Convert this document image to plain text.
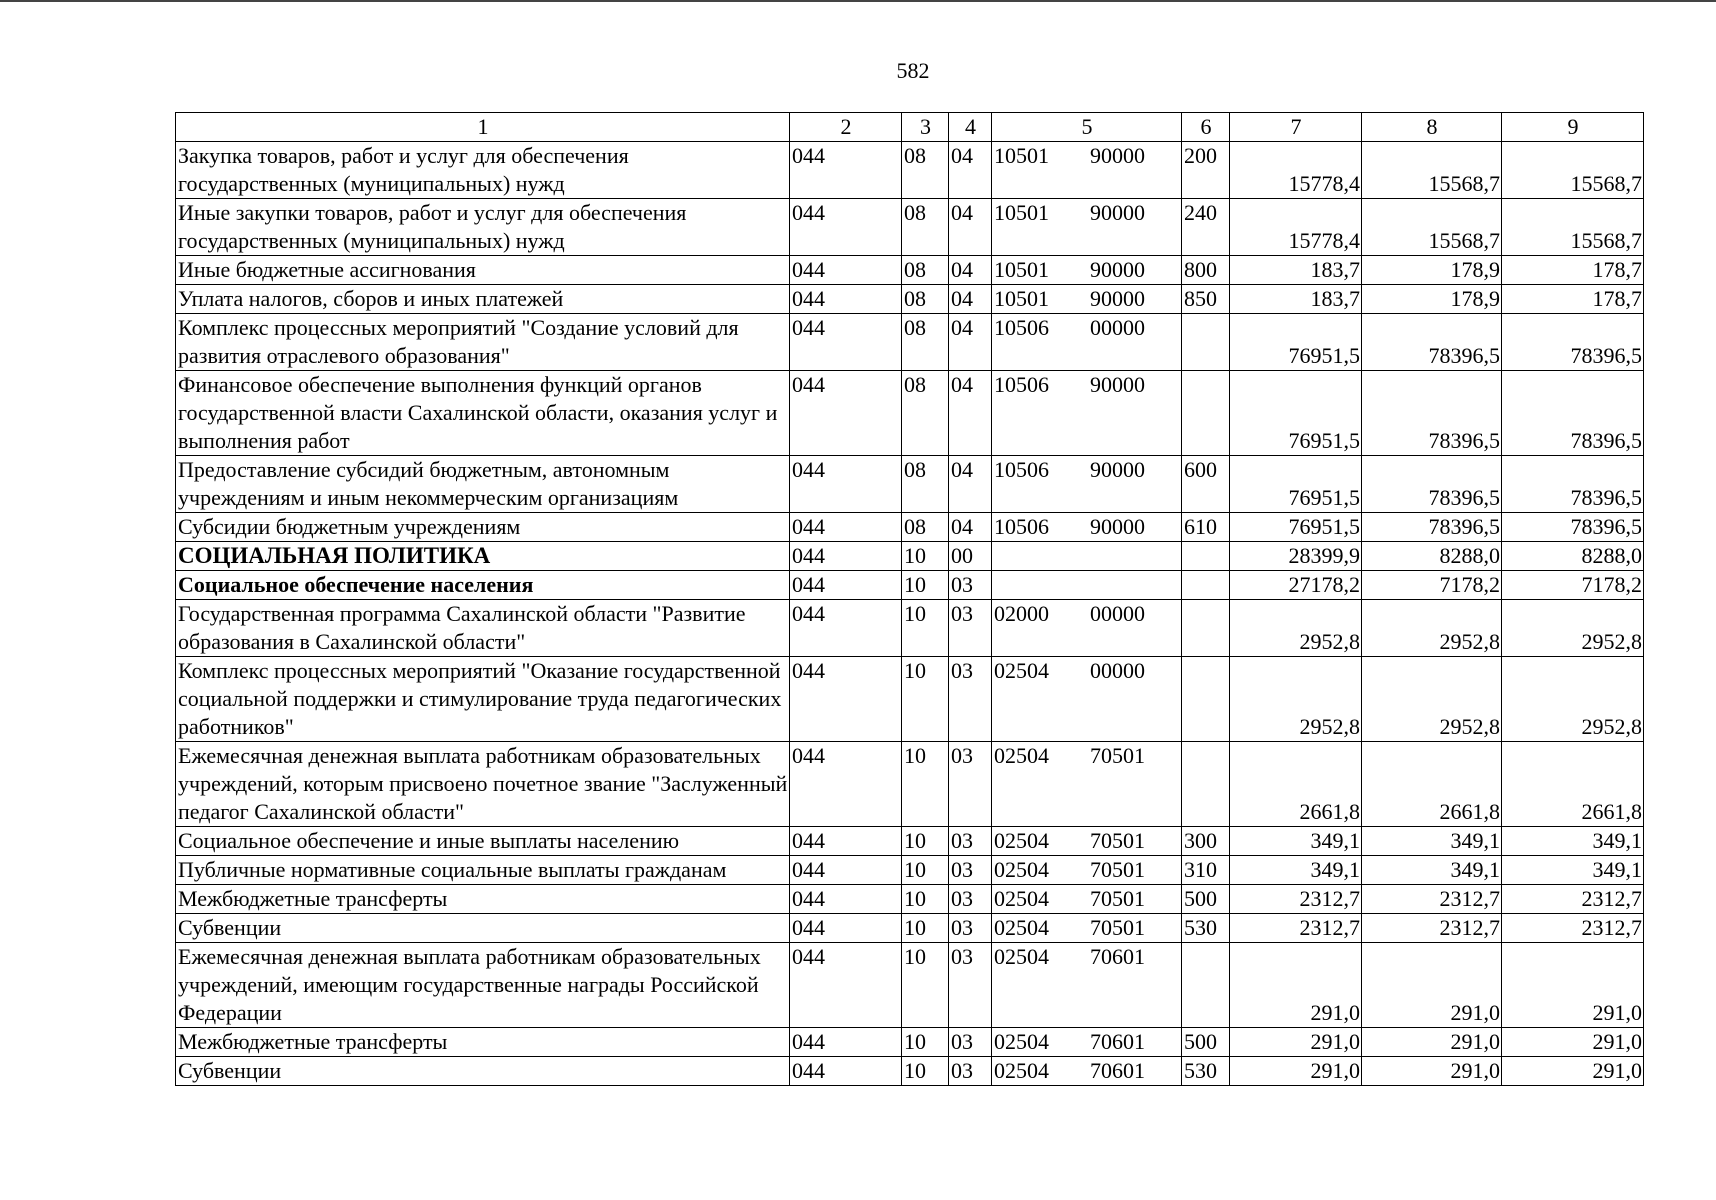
582
1	2	3	4	5	6	7	8	9
Закупка товаров, работ и услуг для обеспечения государственных (муниципальных) нужд	044	08	04	10501 90000	200	15778,4	15568,7	15568,7
Иные закупки товаров, работ и услуг для обеспечения государственных (муниципальных) нужд	044	08	04	10501 90000	240	15778,4	15568,7	15568,7
Иные бюджетные ассигнования	044	08	04	10501 90000	800	183,7	178,9	178,7
Уплата налогов, сборов и иных платежей	044	08	04	10501 90000	850	183,7	178,9	178,7
Комплекс процессных мероприятий "Создание условий для развития отраслевого образования"	044	08	04	10506 00000		76951,5	78396,5	78396,5
Финансовое обеспечение выполнения функций органов государственной власти Сахалинской области, оказания услуг и выполнения работ	044	08	04	10506 90000		76951,5	78396,5	78396,5
Предоставление субсидий бюджетным, автономным учреждениям и иным некоммерческим организациям	044	08	04	10506 90000	600	76951,5	78396,5	78396,5
Субсидии бюджетным учреждениям	044	08	04	10506 90000	610	76951,5	78396,5	78396,5
СОЦИАЛЬНАЯ ПОЛИТИКА	044	10	00			28399,9	8288,0	8288,0
Социальное обеспечение населения	044	10	03			27178,2	7178,2	7178,2
Государственная программа Сахалинской области "Развитие образования в Сахалинской области"	044	10	03	02000 00000		2952,8	2952,8	2952,8
Комплекс процессных мероприятий "Оказание государственной социальной поддержки и стимулирование труда педагогических работников"	044	10	03	02504 00000		2952,8	2952,8	2952,8
Ежемесячная денежная выплата работникам образовательных учреждений, которым присвоено почетное звание "Заслуженный педагог Сахалинской области"	044	10	03	02504 70501		2661,8	2661,8	2661,8
Социальное обеспечение и иные выплаты населению	044	10	03	02504 70501	300	349,1	349,1	349,1
Публичные нормативные социальные выплаты гражданам	044	10	03	02504 70501	310	349,1	349,1	349,1
Межбюджетные трансферты	044	10	03	02504 70501	500	2312,7	2312,7	2312,7
Субвенции	044	10	03	02504 70501	530	2312,7	2312,7	2312,7
Ежемесячная денежная выплата работникам образовательных учреждений, имеющим государственные награды Российской Федерации	044	10	03	02504 70601		291,0	291,0	291,0
Межбюджетные трансферты	044	10	03	02504 70601	500	291,0	291,0	291,0
Субвенции	044	10	03	02504 70601	530	291,0	291,0	291,0
